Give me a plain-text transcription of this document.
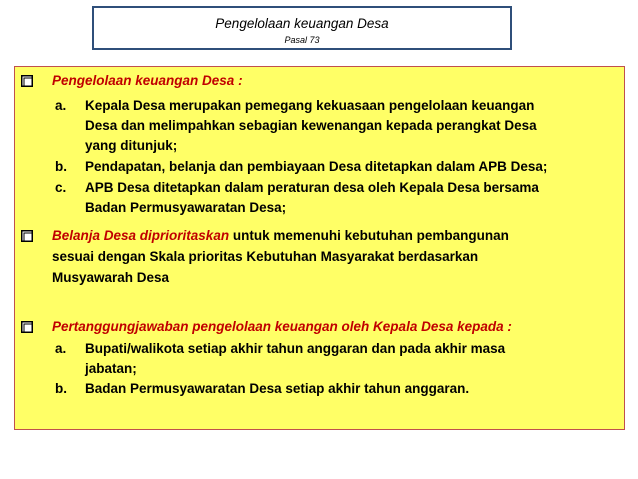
Pengelolaan keuangan Desa
Pasal 73
Pengelolaan keuangan Desa :
a. Kepala Desa merupakan pemegang kekuasaan pengelolaan keuangan
Desa dan melimpahkan sebagian kewenangan kepada perangkat Desa
yang ditunjuk;
b. Pendapatan, belanja dan pembiayaan Desa ditetapkan dalam APB Desa;
c. APB Desa ditetapkan dalam peraturan desa oleh Kepala Desa bersama
Badan Permusyawaratan Desa;
Belanja Desa diprioritaskan untuk memenuhi kebutuhan pembangunan
sesuai dengan Skala prioritas Kebutuhan Masyarakat berdasarkan
Musyawarah Desa
Pertanggungjawaban pengelolaan keuangan oleh Kepala Desa kepada :
a. Bupati/walikota setiap akhir tahun anggaran dan pada akhir masa
jabatan;
b. Badan Permusyawaratan Desa setiap akhir tahun anggaran.
